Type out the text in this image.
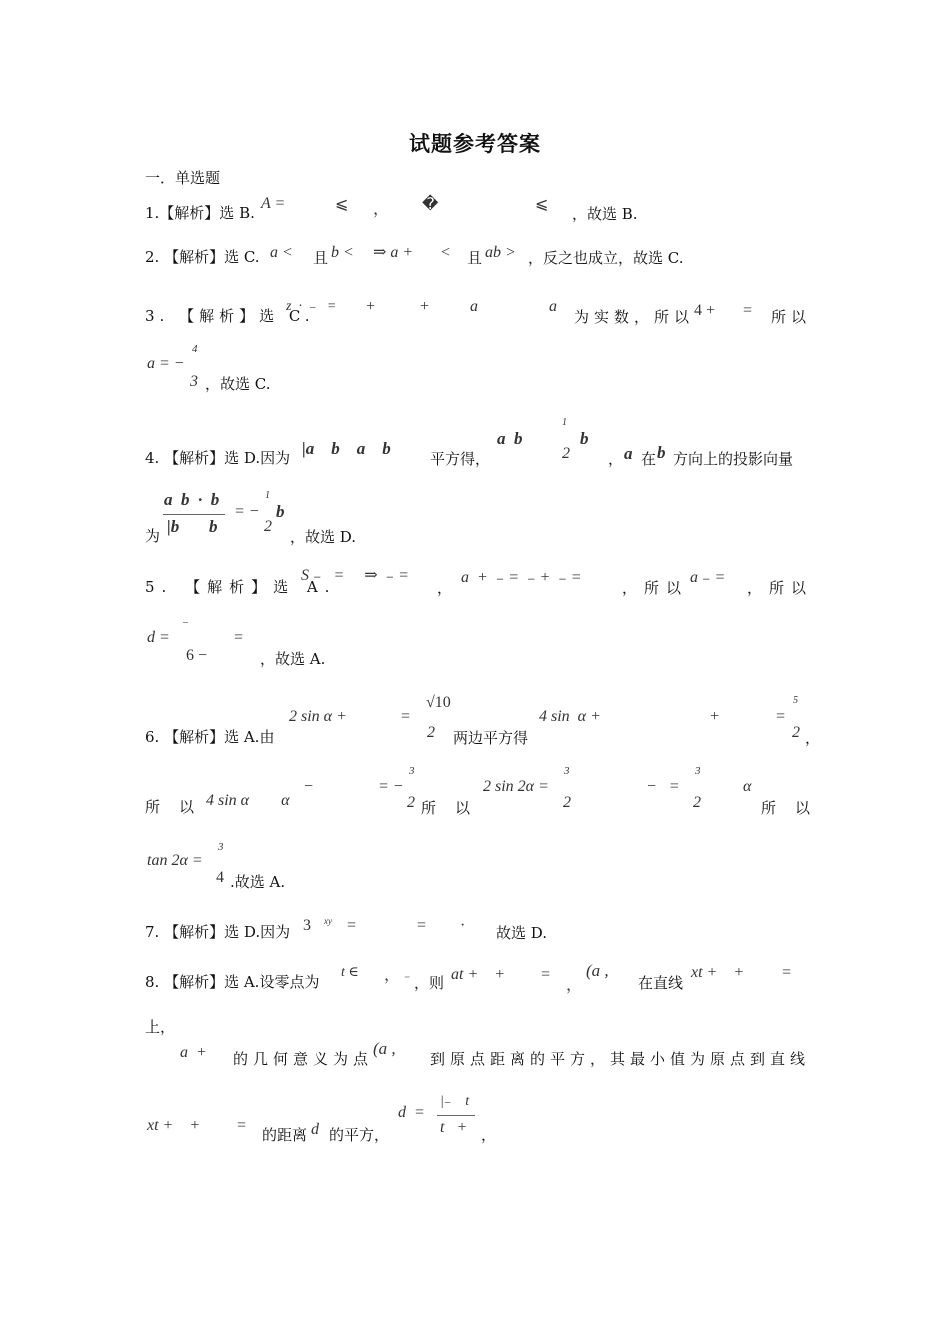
试题参考答案
一．单选题
1.【解析】选 B.
A =	⩽ ， �	⩽
，故选 B.
2. 【解析】选 C. a < 且 b < ⇒ a + < 且 ab > ，反之也成立，故选 C.
3. 【解析】选 C.
z  ·  ₋   = +	+	a	a
为实数，所以 4 + = 所以
a = −
4
3 ，故选 C.
4. 【解析】选 D.因为 |a    b    a    b
平方得，
a  b
1
2
b
， a 在 b 方向上的投影向量
a  b  ·  b
|b       b
为
= −
1
2
b
，故选 D.
5. 【解析】选 A.
S ₋   =     ⇒  ₋ =
，
a  +  ₋ =  ₋ +  ₋ =
，所以
a ₋ =
，所以
d =
–
6 −
=
，故选 A.
2 sin α +	=
√10
2
6. 【解析】选 A.由	两边平方得
4 sin  α +	+	=
5
2 ，
所　以 4 sin α        α
−	= −
3
2 所　以
2 sin 2α =
3
2
−   =
3
2
α
所　以
tan 2α =
3
4 .故选 A.
7. 【解析】选 D.因为 3 xy =	= · 故选 D.
8. 【解析】选 A.设零点为
t ∈ ， ₋ ，则 at +    + =
，
(a ,
在直线
xt +    + =
上，
a  + 的几何意义为点
(a ,
到原点距离的平方，其最小值为原点到直线
xt +    + =
的距离 d 的平方，
d  =
|₋    t
t   + ，
